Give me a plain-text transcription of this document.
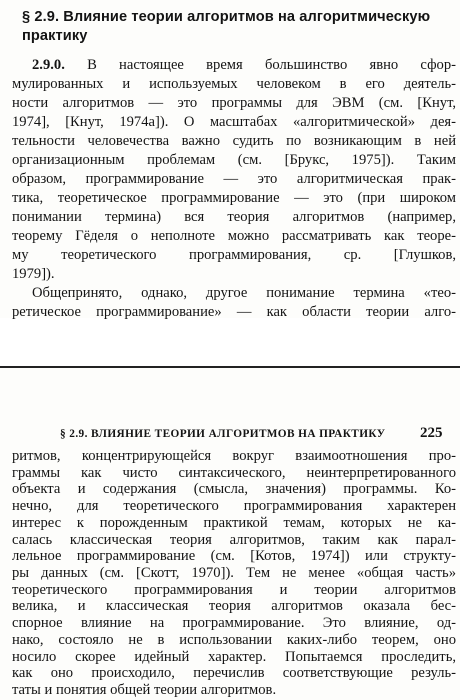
§ 2.9. Влияние теории алгоритмов на алгоритмическую
практику
2.9.0. В настоящее время большинство явно сфор-
мулированных и используемых человеком в его деятель-
ности алгоритмов — это программы для ЭВМ (см. [Кнут,
1974], [Кнут, 1974а]). О масштабах «алгоритмической» дея-
тельности человечества важно судить по возникающим в ней
организационным проблемам (см. [Брукс, 1975]). Таким
образом, программирование — это алгоритмическая прак-
тика, теоретическое программирование — это (при широком
понимании термина) вся теория алгоритмов (например,
теорему Гёделя о неполноте можно рассматривать как теоре-
му теоретического программирования, ср. [Глушков,
1979]).
Общепринято, однако, другое понимание термина «тео-
ретическое программирование» — как области теории алго-
§ 2.9. ВЛИЯНИЕ ТЕОРИИ АЛГОРИТМОВ НА ПРАКТИКУ	225
ритмов, концентрирующейся вокруг взаимоотношения про-
граммы как чисто синтаксического, неинтерпретированного
объекта и содержания (смысла, значения) программы. Ко-
нечно, для теоретического программирования характерен
интерес к порожденным практикой темам, которых не ка-
салась классическая теория алгоритмов, таким как парал-
лельное программирование (см. [Котов, 1974]) или структу-
ры данных (см. [Скотт, 1970]). Тем не менее «общая часть»
теоретического программирования и теории алгоритмов
велика, и классическая теория алгоритмов оказала бес-
спорное влияние на программирование. Это влияние, од-
нако, состояло не в использовании каких-либо теорем, оно
носило скорее идейный характер. Попытаемся проследить,
как оно происходило, перечислив соответствующие резуль-
таты и понятия общей теории алгоритмов.
